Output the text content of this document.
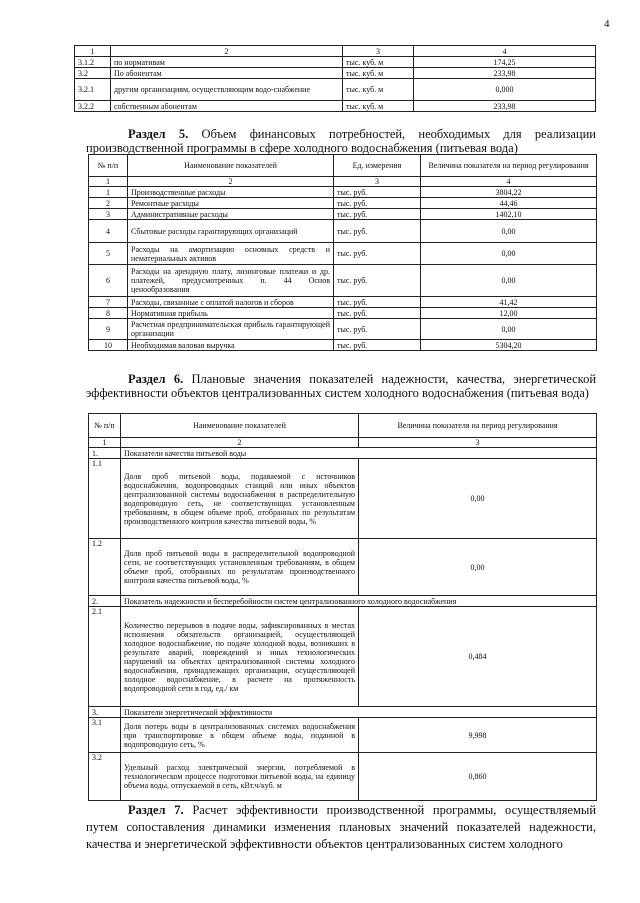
4
1	2	3	4
3.1.2	по нормативам	тыс. куб. м	174,25
3.2	По абонентам	тыс. куб. м	233,98
3.2.1	другим организациям, осуществляющим водо-снабжение	тыс. куб. м	0,000
3.2.2	собственным абонентам	тыс. куб. м	233,98
Раздел 5. Объем финансовых потребностей, необходимых для реализации производственной программы в сфере холодного водоснабжения (питьевая вода)
№ п/п	Наименование показателей	Ед. измерения	Величина показателя на период регулирования
1	2	3	4
1	Производственные расходы	тыс. руб.	3804,22
2	Ремонтные расходы	тыс. руб.	44,46
3	Административные расходы	тыс. руб.	1402,10
4	Сбытовые расходы гарантирующих организаций	тыс. руб.	0,00
5	Расходы на амортизацию основных средств и нематериальных активов	тыс. руб.	0,00
6	Расходы на арендную плату, лизинговые платежи и др. платежей, предусмотренных п. 44 Основ ценообразования	тыс. руб.	0,00
7	Расходы, связанные с оплатой налогов и сборов	тыс. руб.	41,42
8	Нормативная прибыль	тыс. руб.	12,00
9	Расчетная предпринимательская прибыль гарантирующей организации	тыс. руб.	0,00
10	Необходимая валовая выручка	тыс. руб.	5304,20
Раздел 6. Плановые значения показателей надежности, качества, энергетической эффективности объектов централизованных систем холодного водоснабжения (питьевая вода)
№ п/п	Наименование показателей	Величина показателя на период регулирования
1	2	3
1.	Показатели качества питьевой воды	
1.1	Доля проб питьевой воды, подаваемой с источников водоснабжения, водопроводных станций или иных объектов централизованной системы водоснабжения в распределительную водопроводную сеть, не соответствующих установленным требованиям, в общем объеме проб, отобранных по результатам производственного контроля качества питьевой воды, %	0,00
1.2	Доля проб питьевой воды в распределительной водопроводной сети, не соответствующих установленным требованиям, в общем объеме проб, отобранных по результатам производственного контроля качества питьевой воды, %	0,00
2.	Показатель надежности и бесперебойности систем централизованного холодного водоснабжения	
2.1	Количество перерывов в подаче воды, зафиксированных в местах исполнения обязательств организацией, осуществляющей холодное водоснабжение, по подаче холодной воды, возникших в результате аварий, повреждений и иных технологических нарушений на объектах централизованной системы холодного водоснабжения, принадлежащих организации, осуществляющей холодное водоснабжение, в расчете на протяженность водопроводной сети в год, ед./ км	0,484
3.	Показатели энергетической эффективности	
3.1	Доля потерь воды в централизованных системах водоснабжения при транспортировке в общем объеме воды, поданной в водопроводную сеть, %	9,998
3.2	Удельный расход электрической энергии, потребляемой в технологическом процессе подготовки питьевой воды, на единицу объема воды, отпускаемой в сеть, кВт.ч/куб. м	0,860
Раздел 7. Расчет эффективности производственной программы, осуществляемый путем сопоставления динамики изменения плановых значений показателей надежности, качества и энергетической эффективности объектов централизованных систем холодного
